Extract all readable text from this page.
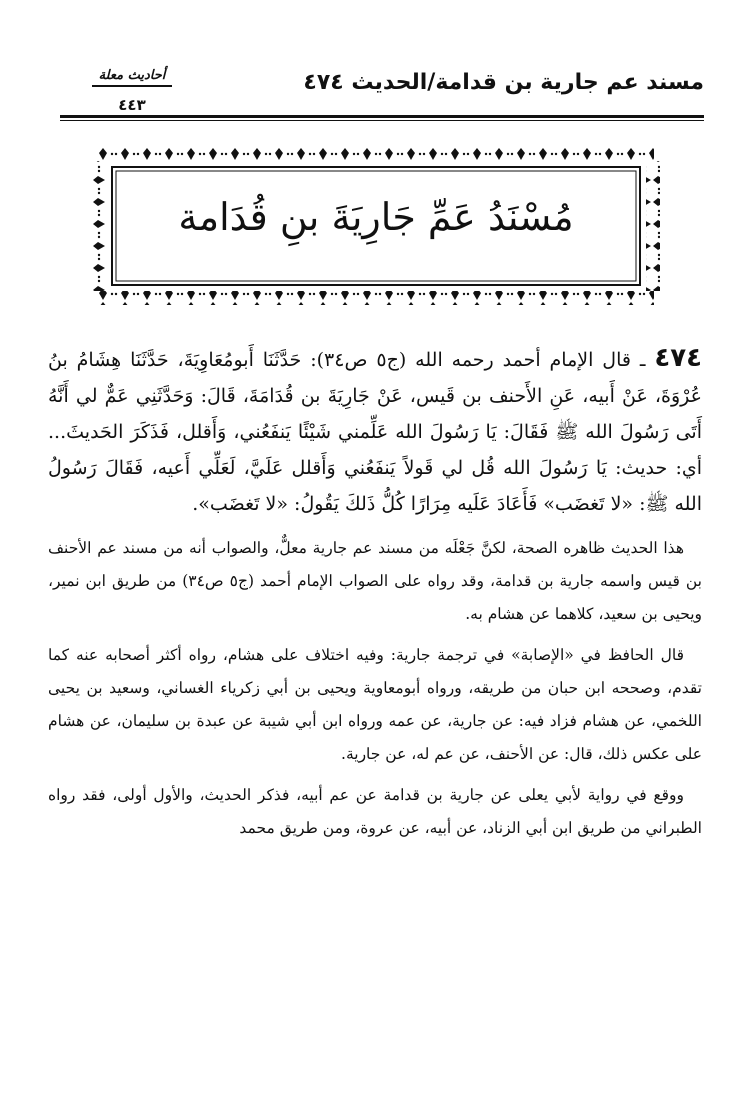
مسند عم جارية بن قدامة/الحديث ٤٧٤
أحاديث معلة
٤٤٣
مُسْنَدُ عَمِّ جَارِيَةَ بنِ قُدَامة

٤٧٤ ـ قال الإمام أحمد رحمه الله (ج٥ ص٣٤): حَدَّثَنَا أَبومُعَاوِيَةَ، حَدَّثَنَا هِشَامُ بنُ عُرْوَةَ، عَنْ أَبيه، عَنِ الأَحنف بن قَيس، عَنْ جَارِيَةَ بن قُدَامَةَ، قَالَ: وَحَدَّثَنِي عَمٌّ لي أَنَّهُ أَتَى رَسُولَ الله ﷺ فَقَالَ: يَا رَسُولَ الله عَلِّمني شَيْئًا يَنفَعُني، وَأَقلل، فَذَكَرَ الحَديثَ... أي: حديث: يَا رَسُولَ الله قُل لي قَولاً يَنفَعُني وَأَقلل عَلَيَّ، لَعَلِّي أَعيه، فَقَالَ رَسُولُ الله ﷺ: «لا تَغضَب» فَأَعَادَ عَلَيه مِرَارًا كُلُّ ذَلكَ يَقُولُ: «لا تَغضَب».

هذا الحديث ظاهره الصحة، لكنَّ جَعْلَه من مسند عم جارية معلٌّ، والصواب أنه من مسند عم الأحنف بن قيس واسمه جارية بن قدامة، وقد رواه على الصواب الإمام أحمد (ج٥ ص٣٤) من طريق ابن نمير، ويحيى بن سعيد، كلاهما عن هشام به.

قال الحافظ في «الإصابة» في ترجمة جارية: وفيه اختلاف على هشام، رواه أكثر أصحابه عنه كما تقدم، وصححه ابن حبان من طريقه، ورواه أبومعاوية ويحيى بن أبي زكرياء الغساني، وسعيد بن يحيى اللخمي، عن هشام فزاد فيه: عن جارية، عن عمه ورواه ابن أبي شيبة عن عبدة بن سليمان، عن هشام على عكس ذلك، قال: عن الأحنف، عن عم له، عن جارية.

ووقع في رواية لأبي يعلى عن جارية بن قدامة عن عم أبيه، فذكر الحديث، والأول أولى، فقد رواه الطبراني من طريق ابن أبي الزناد، عن أبيه، عن عروة، ومن طريق محمد
